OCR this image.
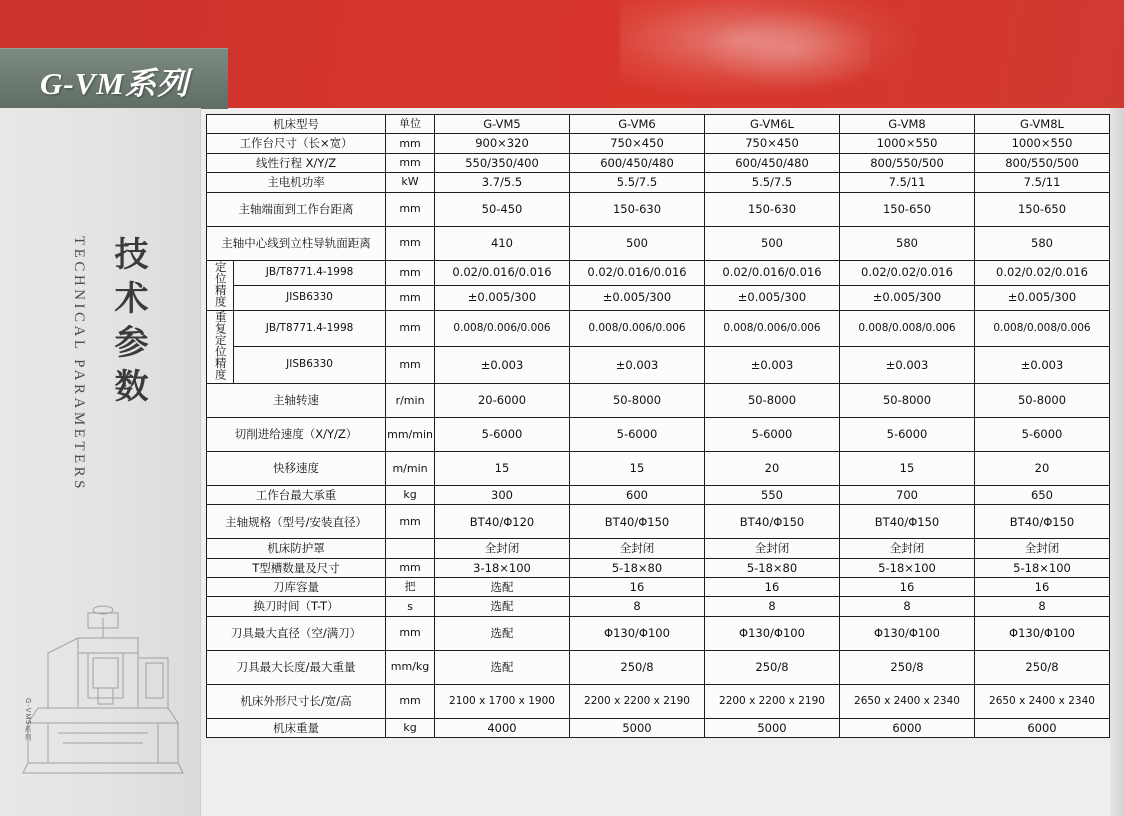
G-VM系列
技术参数
TECHNICAL PARAMETERS
G-VM5系列
机床型号		单位	G-VM5	G-VM6	G-VM6L	G-VM8	G-VM8L
工作台尺寸（长×宽）		mm	900×320	750×450	750×450	1000×550	1000×550
线性行程 X/Y/Z		mm	550/350/400	600/450/480	600/450/480	800/550/500	800/550/500
主电机功率		kW	3.7/5.5	5.5/7.5	5.5/7.5	7.5/11	7.5/11
主轴端面到工作台距离		mm	50-450	150-630	150-630	150-650	150-650
主轴中心线到立柱导轨面距离		mm	410	500	500	580	580
定位精度	JB/T8771.4-1998	mm	0.02/0.016/0.016	0.02/0.016/0.016	0.02/0.016/0.016	0.02/0.02/0.016	0.02/0.02/0.016
	JISB6330	mm	±0.005/300	±0.005/300	±0.005/300	±0.005/300	±0.005/300
重复定位精度	JB/T8771.4-1998	mm	0.008/0.006/0.006	0.008/0.006/0.006	0.008/0.006/0.006	0.008/0.008/0.006	0.008/0.008/0.006
	JISB6330	mm	±0.003	±0.003	±0.003	±0.003	±0.003
主轴转速		r/min	20-6000	50-8000	50-8000	50-8000	50-8000
切削进给速度（X/Y/Z）		mm/min	5-6000	5-6000	5-6000	5-6000	5-6000
快移速度		m/min	15	15	20	15	20
工作台最大承重		kg	300	600	550	700	650
主轴规格（型号/安装直径）		mm	BT40/Φ120	BT40/Φ150	BT40/Φ150	BT40/Φ150	BT40/Φ150
机床防护罩			全封闭	全封闭	全封闭	全封闭	全封闭
T型槽数量及尺寸		mm	3-18×100	5-18×80	5-18×80	5-18×100	5-18×100
刀库容量		把	选配	16	16	16	16
换刀时间（T-T）		s	选配	8	8	8	8
刀具最大直径（空/满刀）		mm	选配	Φ130/Φ100	Φ130/Φ100	Φ130/Φ100	Φ130/Φ100
刀具最大长度/最大重量		mm/kg	选配	250/8	250/8	250/8	250/8
机床外形尺寸长/宽/高		mm	2100 x 1700 x 1900	2200 x 2200 x 2190	2200 x 2200 x 2190	2650 x 2400 x 2340	2650 x 2400 x 2340
机床重量		kg	4000	5000	5000	6000	6000
